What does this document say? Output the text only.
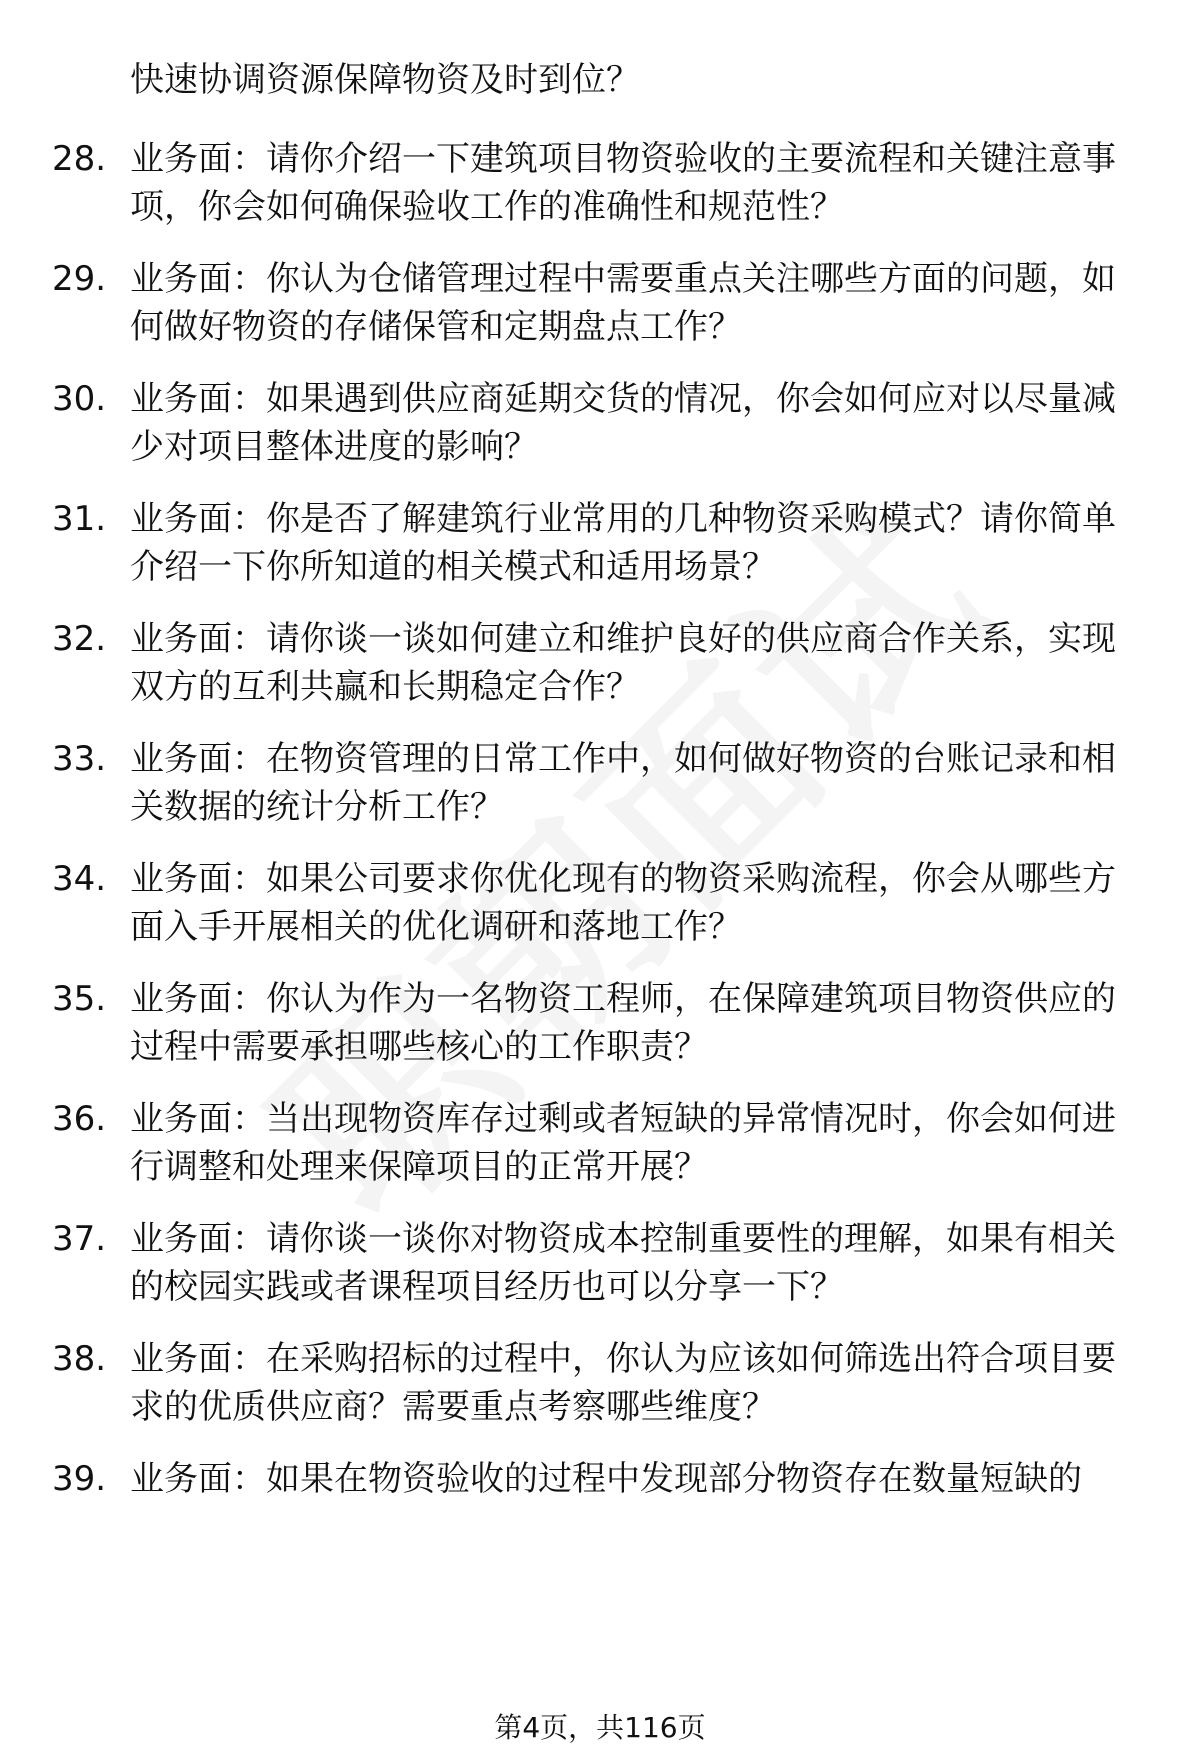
快速协调资源保障物资及时到位？

28. 业务面：请你介绍一下建筑项目物资验收的主要流程和关键注意事项，你会如何确保验收工作的准确性和规范性？
29. 业务面：你认为仓储管理过程中需要重点关注哪些方面的问题，如何做好物资的存储保管和定期盘点工作？
30. 业务面：如果遇到供应商延期交货的情况，你会如何应对以尽量减少对项目整体进度的影响？
31. 业务面：你是否了解建筑行业常用的几种物资采购模式？请你简单介绍一下你所知道的相关模式和适用场景？
32. 业务面：请你谈一谈如何建立和维护良好的供应商合作关系，实现双方的互利共赢和长期稳定合作？
33. 业务面：在物资管理的日常工作中，如何做好物资的台账记录和相关数据的统计分析工作？
34. 业务面：如果公司要求你优化现有的物资采购流程，你会从哪些方面入手开展相关的优化调研和落地工作？
35. 业务面：你认为作为一名物资工程师，在保障建筑项目物资供应的过程中需要承担哪些核心的工作职责？
36. 业务面：当出现物资库存过剩或者短缺的异常情况时，你会如何进行调整和处理来保障项目的正常开展？
37. 业务面：请你谈一谈你对物资成本控制重要性的理解，如果有相关的校园实践或者课程项目经历也可以分享一下？
38. 业务面：在采购招标的过程中，你认为应该如何筛选出符合项目要求的优质供应商？需要重点考察哪些维度？
39. 业务面：如果在物资验收的过程中发现部分物资存在数量短缺的
第4页，共116页
